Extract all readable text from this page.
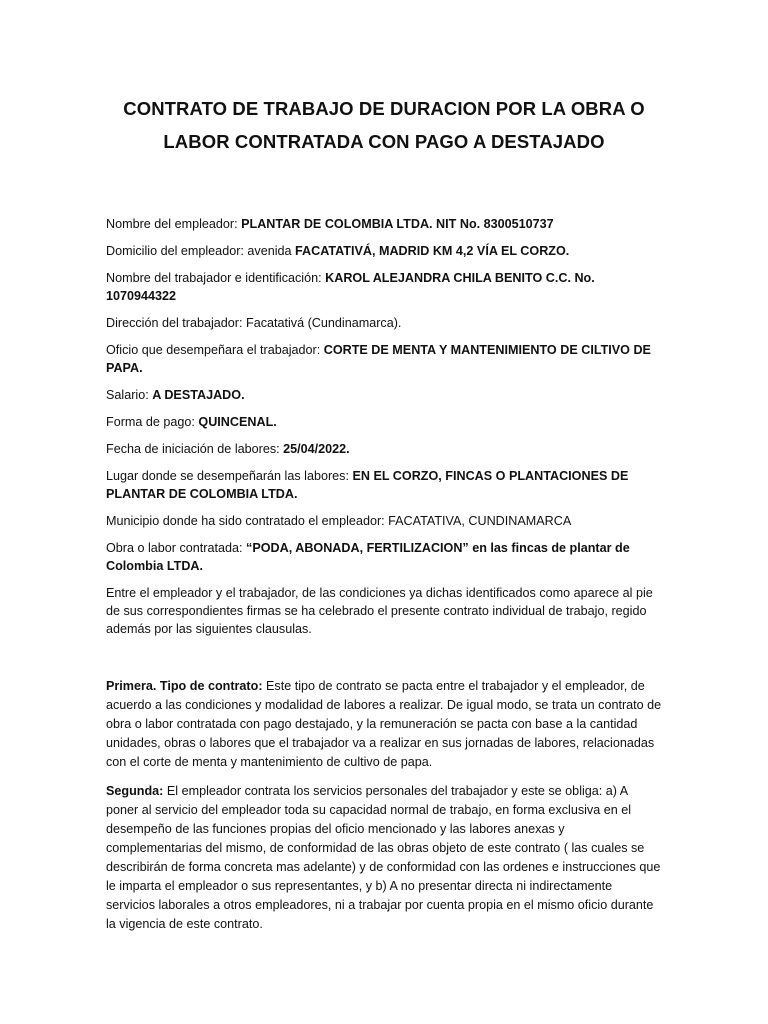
CONTRATO DE TRABAJO DE DURACION POR LA OBRA O
LABOR CONTRATADA CON PAGO A DESTAJADO

Nombre del empleador: PLANTAR DE COLOMBIA LTDA. NIT No. 8300510737

Domicilio del empleador: avenida FACATATIVÁ, MADRID KM 4,2 VÍA EL CORZO.

Nombre del trabajador e identificación: KAROL ALEJANDRA CHILA BENITO C.C. No. 1070944322

Dirección del trabajador: Facatativá (Cundinamarca).

Oficio que desempeñara el trabajador: CORTE DE MENTA Y MANTENIMIENTO DE CILTIVO DE PAPA.

Salario: A DESTAJADO.

Forma de pago: QUINCENAL.

Fecha de iniciación de labores: 25/04/2022.

Lugar donde se desempeñarán las labores: EN EL CORZO, FINCAS O PLANTACIONES DE PLANTAR DE COLOMBIA LTDA.

Municipio donde ha sido contratado el empleador: FACATATIVA, CUNDINAMARCA

Obra o labor contratada: “PODA, ABONADA, FERTILIZACION” en las fincas de plantar de Colombia LTDA.

Entre el empleador y el trabajador, de las condiciones ya dichas identificados como aparece al pie de sus correspondientes firmas se ha celebrado el presente contrato individual de trabajo, regido además por las siguientes clausulas.

Primera. Tipo de contrato: Este tipo de contrato se pacta entre el trabajador y el empleador, de acuerdo a las condiciones y modalidad de labores a realizar. De igual modo, se trata un contrato de obra o labor contratada con pago destajado, y la remuneración se pacta con base a la cantidad unidades, obras o labores que el trabajador va a realizar en sus jornadas de labores, relacionadas con el corte de menta y mantenimiento de cultivo de papa.

Segunda: El empleador contrata los servicios personales del trabajador y este se obliga: a) A poner al servicio del empleador toda su capacidad normal de trabajo, en forma exclusiva en el desempeño de las funciones propias del oficio mencionado y las labores anexas y complementarias del mismo, de conformidad de las obras objeto de este contrato ( las cuales se describirán de forma concreta mas adelante) y de conformidad con las ordenes e instrucciones que le imparta el empleador o sus representantes, y b) A no presentar directa ni indirectamente servicios laborales a otros empleadores, ni a trabajar por cuenta propia en el mismo oficio durante la vigencia de este contrato.
